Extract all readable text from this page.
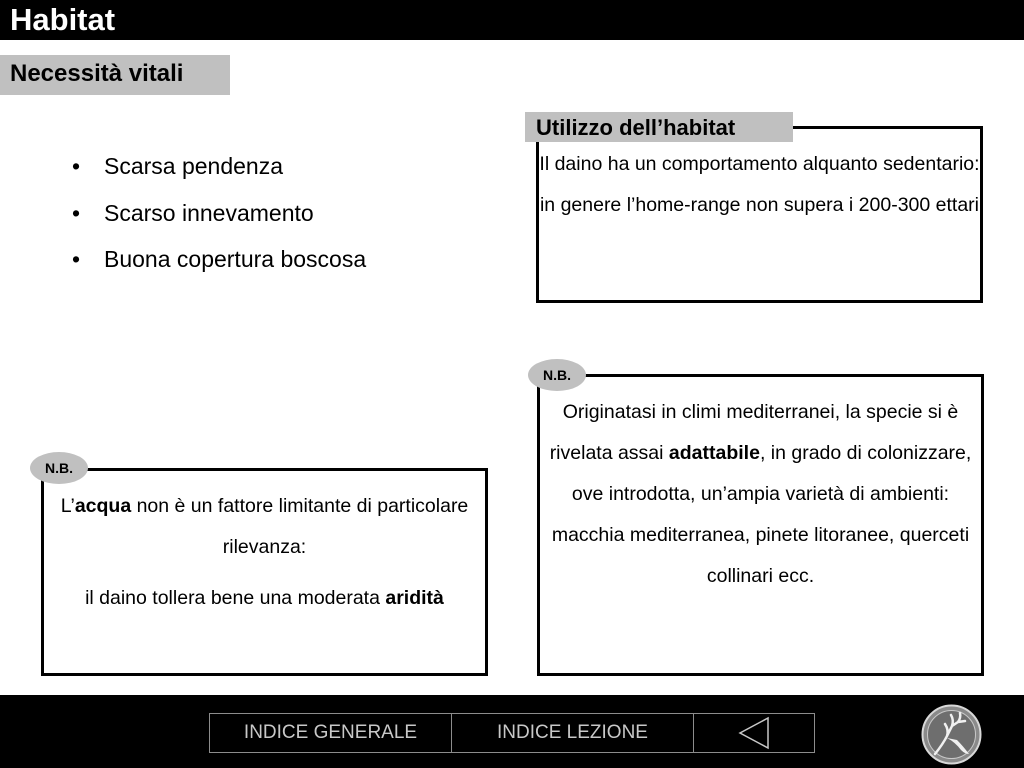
Habitat
Necessità vitali
• Scarsa pendenza
• Scarso innevamento
• Buona copertura boscosa

Il daino ha un comportamento alquanto sedentario: in genere l’home-range non supera i 200-300 ettari

Utilizzo dell’habitat

Originatasi in climi mediterranei, la specie si è rivelata assai adattabile, in grado di colonizzare, ove introdotta, un’ampia varietà di ambienti:

macchia mediterranea, pinete litoranee, querceti collinari ecc.

N.B.

L’acqua non è un fattore limitante di particolare rilevanza:

il daino tollera bene una moderata aridità

N.B.
INDICE GENERALE	INDICE LEZIONE
